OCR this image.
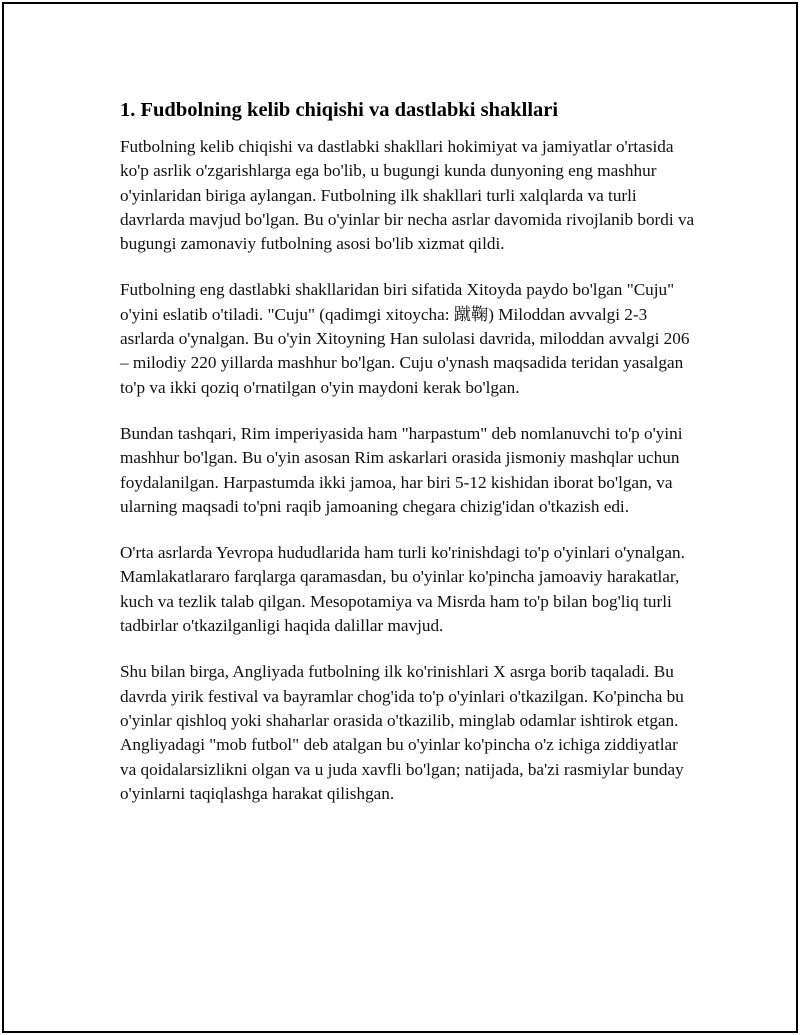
1. Fudbolning kelib chiqishi va dastlabki shakllari

Futbolning kelib chiqishi va dastlabki shakllari hokimiyat va jamiyatlar o'rtasida ko'p asrlik o'zgarishlarga ega bo'lib, u bugungi kunda dunyoning eng mashhur o'yinlaridan biriga aylangan. Futbolning ilk shakllari turli xalqlarda va turli davrlarda mavjud bo'lgan. Bu o'yinlar bir necha asrlar davomida rivojlanib bordi va bugungi zamonaviy futbolning asosi bo'lib xizmat qildi.

Futbolning eng dastlabki shakllaridan biri sifatida Xitoyda paydo bo'lgan "Cuju" o'yini eslatib o'tiladi. "Cuju" (qadimgi xitoycha: 蹴鞠) Miloddan avvalgi 2-3 asrlarda o'ynalgan. Bu o'yin Xitoyning Han sulolasi davrida, miloddan avvalgi 206 – milodiy 220 yillarda mashhur bo'lgan. Cuju o'ynash maqsadida teridan yasalgan to'p va ikki qoziq o'rnatilgan o'yin maydoni kerak bo'lgan.

Bundan tashqari, Rim imperiyasida ham "harpastum" deb nomlanuvchi to'p o'yini mashhur bo'lgan. Bu o'yin asosan Rim askarlari orasida jismoniy mashqlar uchun foydalanilgan. Harpastumda ikki jamoa, har biri 5-12 kishidan iborat bo'lgan, va ularning maqsadi to'pni raqib jamoaning chegara chizig'idan o'tkazish edi.

O'rta asrlarda Yevropa hududlarida ham turli ko'rinishdagi to'p o'yinlari o'ynalgan. Mamlakatlararo farqlarga qaramasdan, bu o'yinlar ko'pincha jamoaviy harakatlar, kuch va tezlik talab qilgan. Mesopotamiya va Misrda ham to'p bilan bog'liq turli tadbirlar o'tkazilganligi haqida dalillar mavjud.

Shu bilan birga, Angliyada futbolning ilk ko'rinishlari X asrga borib taqaladi. Bu davrda yirik festival va bayramlar chog'ida to'p o'yinlari o'tkazilgan. Ko'pincha bu o'yinlar qishloq yoki shaharlar orasida o'tkazilib, minglab odamlar ishtirok etgan. Angliyadagi "mob futbol" deb atalgan bu o'yinlar ko'pincha o'z ichiga ziddiyatlar va qoidalarsizlikni olgan va u juda xavfli bo'lgan; natijada, ba'zi rasmiylar bunday o'yinlarni taqiqlashga harakat qilishgan.
